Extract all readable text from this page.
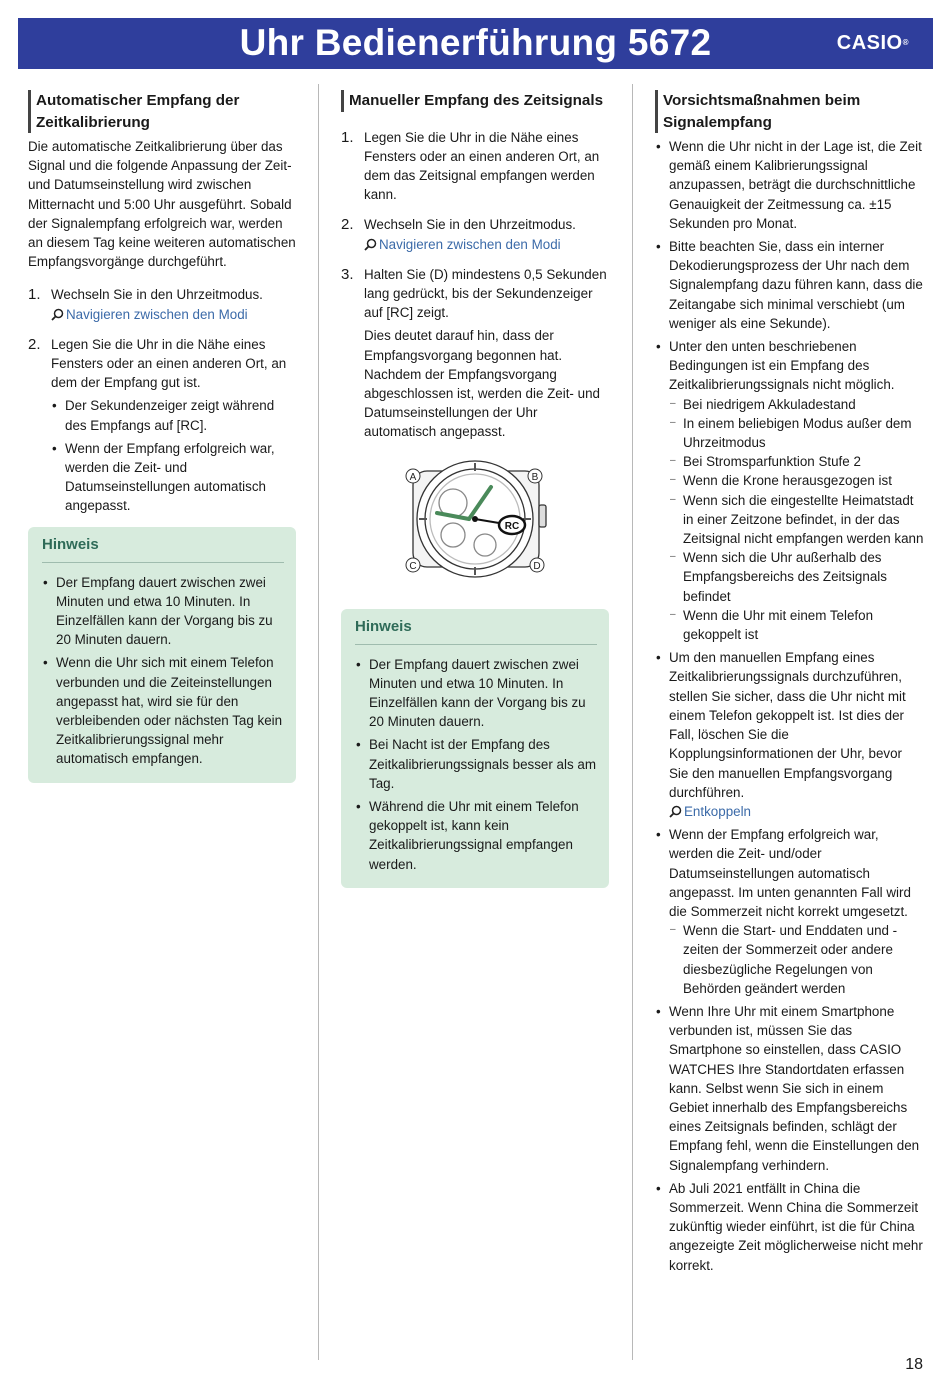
Uhr Bedienerführung 5672	CASIO®
Automatischer Empfang der Zeitkalibrierung

Die automatische Zeitkalibrierung über das Signal und die folgende Anpassung der Zeit- und Datumseinstellung wird zwischen Mitternacht und 5:00 Uhr ausgeführt. Sobald der Signalempfang erfolgreich war, werden an diesem Tag keine weiteren automatischen Empfangsvorgänge durchgeführt.

1. Wechseln Sie in den Uhrzeitmodus.
Navigieren zwischen den Modi
2. Legen Sie die Uhr in die Nähe eines Fensters oder an einen anderen Ort, an dem der Empfang gut ist.
• Der Sekundenzeiger zeigt während des Empfangs auf [RC].
• Wenn der Empfang erfolgreich war, werden die Zeit- und Datumseinstellungen automatisch angepasst.
Hinweis
• Der Empfang dauert zwischen zwei Minuten und etwa 10 Minuten. In Einzelfällen kann der Vorgang bis zu 20 Minuten dauern.
• Wenn die Uhr sich mit einem Telefon verbunden und die Zeiteinstellungen angepasst hat, wird sie für den verbleibenden oder nächsten Tag kein Zeitkalibrierungssignal mehr automatisch empfangen.
Manueller Empfang des Zeitsignals
1. Legen Sie die Uhr in die Nähe eines Fensters oder an einen anderen Ort, an dem das Zeitsignal empfangen werden kann.
2. Wechseln Sie in den Uhrzeitmodus.
Navigieren zwischen den Modi
3. Halten Sie (D) mindestens 0,5 Sekunden lang gedrückt, bis der Sekundenzeiger auf [RC] zeigt.

Dies deutet darauf hin, dass der Empfangsvorgang begonnen hat. Nachdem der Empfangsvorgang abgeschlossen ist, werden die Zeit- und Datumseinstellungen der Uhr automatisch angepasst.

RC
A	B
C	D
Hinweis
• Der Empfang dauert zwischen zwei Minuten und etwa 10 Minuten. In Einzelfällen kann der Vorgang bis zu 20 Minuten dauern.
• Bei Nacht ist der Empfang des Zeitkalibrierungssignals besser als am Tag.
• Während die Uhr mit einem Telefon gekoppelt ist, kann kein Zeitkalibrierungssignal empfangen werden.
Vorsichtsmaßnahmen beim Signalempfang
• Wenn die Uhr nicht in der Lage ist, die Zeit gemäß einem Kalibrierungssignal anzupassen, beträgt die durchschnittliche Genauigkeit der Zeitmessung ca. ±15 Sekunden pro Monat.
• Bitte beachten Sie, dass ein interner Dekodierungsprozess der Uhr nach dem Signalempfang dazu führen kann, dass die Zeitangabe sich minimal verschiebt (um weniger als eine Sekunde).
• Unter den unten beschriebenen Bedingungen ist ein Empfang des Zeitkalibrierungssignals nicht möglich.
– Bei niedrigem Akkuladestand
– In einem beliebigen Modus außer dem Uhrzeitmodus
– Bei Stromsparfunktion Stufe 2
– Wenn die Krone herausgezogen ist
– Wenn sich die eingestellte Heimatstadt in einer Zeitzone befindet, in der das Zeitsignal nicht empfangen werden kann
– Wenn sich die Uhr außerhalb des Empfangsbereichs des Zeitsignals befindet
– Wenn die Uhr mit einem Telefon gekoppelt ist
• Um den manuellen Empfang eines Zeitkalibrierungssignals durchzuführen, stellen Sie sicher, dass die Uhr nicht mit einem Telefon gekoppelt ist. Ist dies der Fall, löschen Sie die Kopplungsinformationen der Uhr, bevor Sie den manuellen Empfangsvorgang durchführen.
Entkoppeln
• Wenn der Empfang erfolgreich war, werden die Zeit- und/oder Datumseinstellungen automatisch angepasst. Im unten genannten Fall wird die Sommerzeit nicht korrekt umgesetzt.
– Wenn die Start- und Enddaten und -zeiten der Sommerzeit oder andere diesbezügliche Regelungen von Behörden geändert werden
• Wenn Ihre Uhr mit einem Smartphone verbunden ist, müssen Sie das Smartphone so einstellen, dass CASIO WATCHES Ihre Standortdaten erfassen kann. Selbst wenn Sie sich in einem Gebiet innerhalb des Empfangsbereichs eines Zeitsignals befinden, schlägt der Empfang fehl, wenn die Einstellungen den Signalempfang verhindern.
• Ab Juli 2021 entfällt in China die Sommerzeit. Wenn China die Sommerzeit zukünftig wieder einführt, ist die für China angezeigte Zeit möglicherweise nicht mehr korrekt.
18
